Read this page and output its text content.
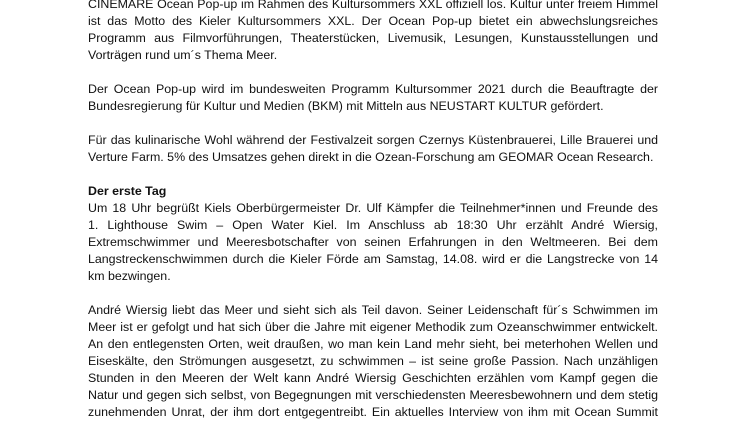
CINEMARE Ocean Pop-up im Rahmen des Kultursommers XXL offiziell los. Kultur unter freiem Himmel
ist das Motto des Kieler Kultursommers XXL. Der Ocean Pop-up bietet ein abwechslungsreiches
Programm aus Filmvorführungen, Theaterstücken, Livemusik, Lesungen, Kunstausstellungen und
Vorträgen rund um´s Thema Meer.

Der Ocean Pop-up wird im bundesweiten Programm Kultursommer 2021 durch die Beauftragte der
Bundesregierung für Kultur und Medien (BKM) mit Mitteln aus NEUSTART KULTUR gefördert.

Für das kulinarische Wohl während der Festivalzeit sorgen Czernys Küstenbrauerei, Lille Brauerei und
Verture Farm. 5% des Umsatzes gehen direkt in die Ozean-Forschung am GEOMAR Ocean Research.

Der erste Tag
Um 18 Uhr begrüßt Kiels Oberbürgermeister Dr. Ulf Kämpfer die Teilnehmer*innen und Freunde des
1. Lighthouse Swim – Open Water Kiel. Im Anschluss ab 18:30 Uhr erzählt André Wiersig,
Extremschwimmer und Meeresbotschafter von seinen Erfahrungen in den Weltmeeren. Bei dem
Langstreckenschwimmen durch die Kieler Förde am Samstag, 14.08. wird er die Langstrecke von 14
km bezwingen.

André Wiersig liebt das Meer und sieht sich als Teil davon. Seiner Leidenschaft für´s Schwimmen im
Meer ist er gefolgt und hat sich über die Jahre mit eigener Methodik zum Ozeanschwimmer entwickelt.
An den entlegensten Orten, weit draußen, wo man kein Land mehr sieht, bei meterhohen Wellen und
Eiseskälte, den Strömungen ausgesetzt, zu schwimmen – ist seine große Passion. Nach unzähligen
Stunden in den Meeren der Welt kann André Wiersig Geschichten erzählen vom Kampf gegen die
Natur und gegen sich selbst, von Begegnungen mit verschiedensten Meeresbewohnern und dem stetig
zunehmenden Unrat, der ihm dort entgegentreibt. Ein aktuelles Interview von ihm mit Ocean Summit
